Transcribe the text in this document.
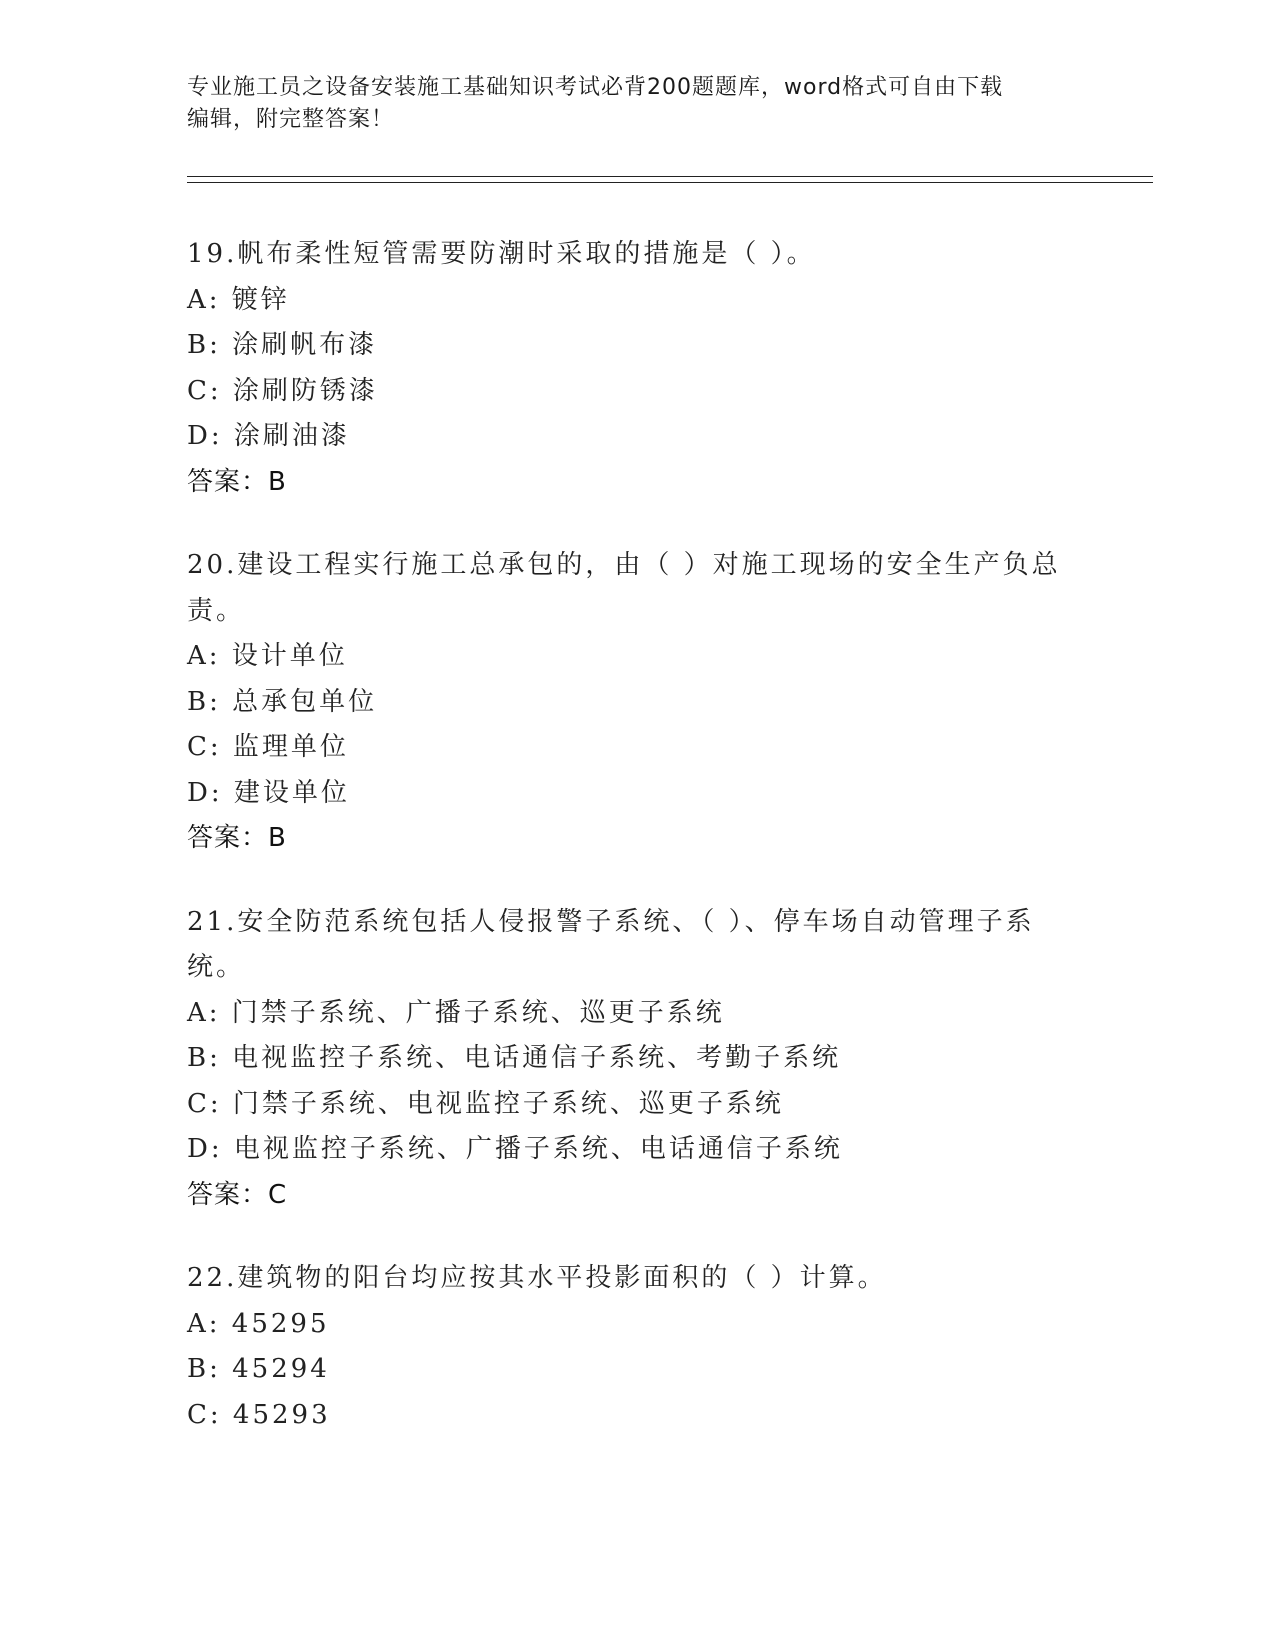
专业施工员之设备安装施工基础知识考试必背200题题库，word格式可自由下载
编辑，附完整答案！

19.帆布柔性短管需要防潮时采取的措施是（ ）。

A: 镀锌

B: 涂刷帆布漆

C: 涂刷防锈漆

D: 涂刷油漆

答案：B

20.建设工程实行施工总承包的，由（ ）对施工现场的安全生产负总责。

A: 设计单位

B: 总承包单位

C: 监理单位

D: 建设单位

答案：B

21.安全防范系统包括人侵报警子系统、（ ）、停车场自动管理子系统。

A: 门禁子系统、广播子系统、巡更子系统

B: 电视监控子系统、电话通信子系统、考勤子系统

C: 门禁子系统、电视监控子系统、巡更子系统

D: 电视监控子系统、广播子系统、电话通信子系统

答案：C

22.建筑物的阳台均应按其水平投影面积的（ ）计算。

A: 45295

B: 45294

C: 45293
